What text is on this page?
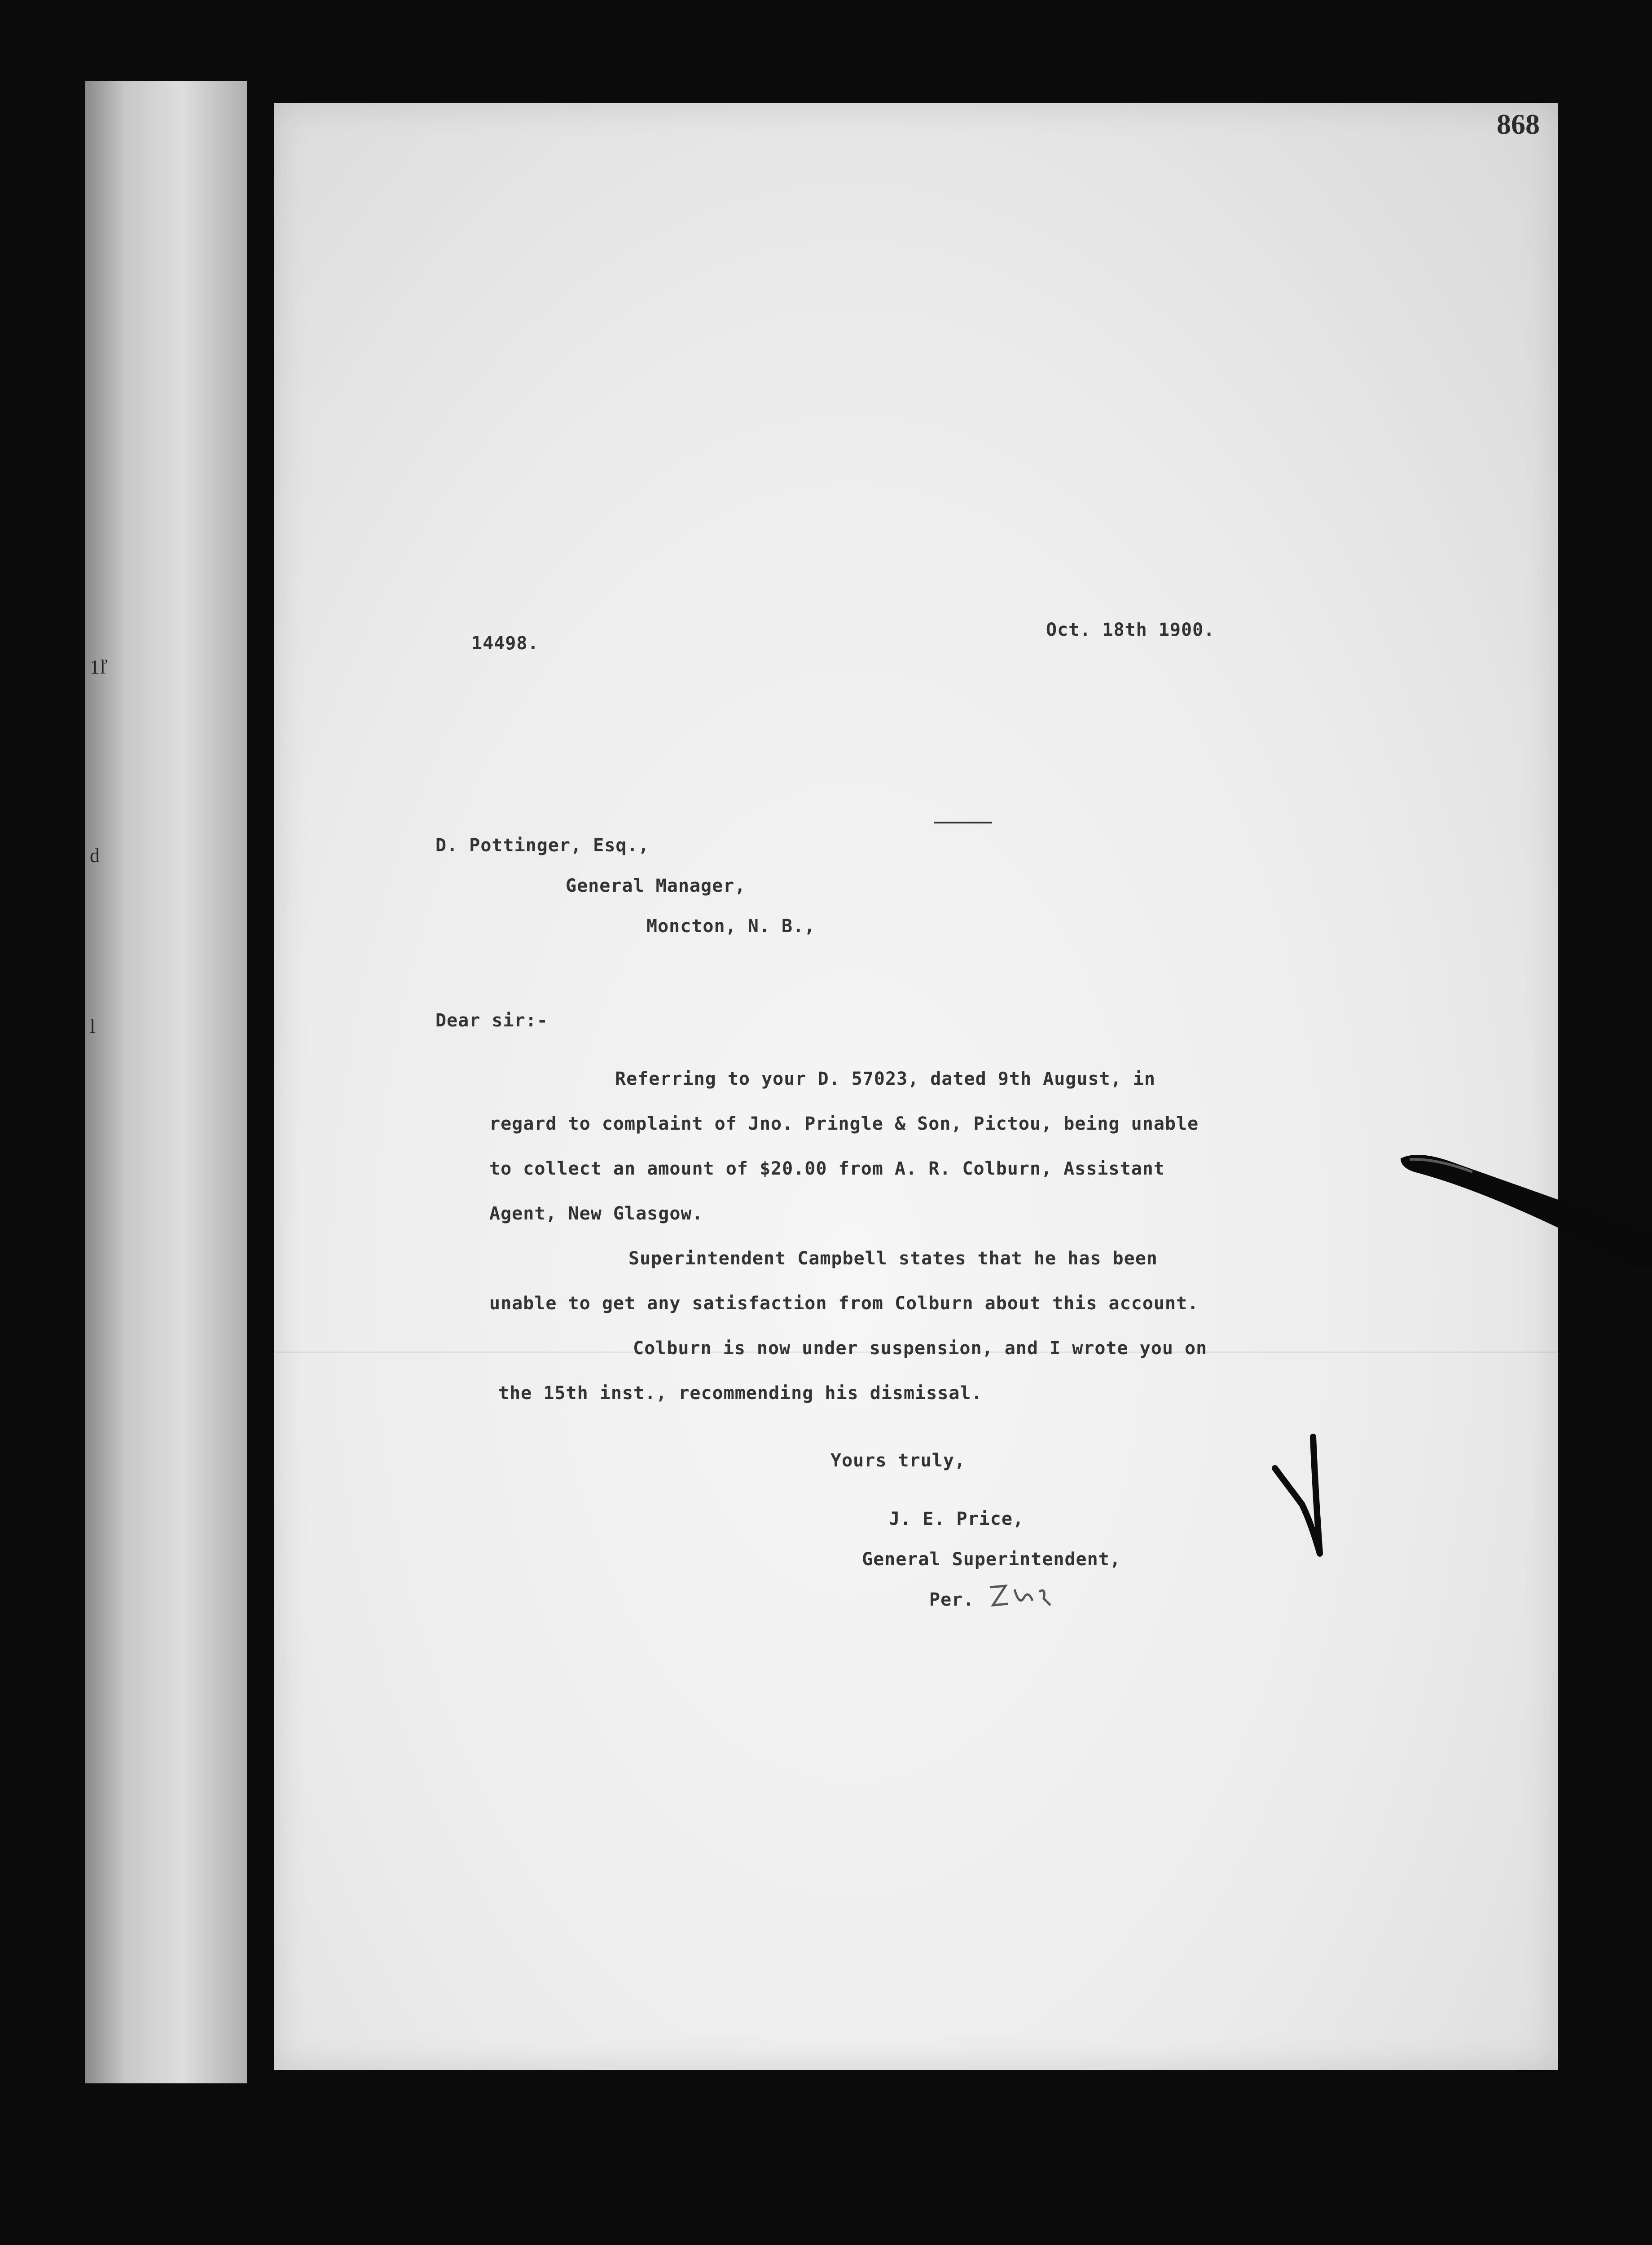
1ľ
d
l
868
14498.
Oct. 18th 1900.
D. Pottinger, Esq.,
General Manager,
Moncton, N. B.,
Dear sir:-
Referring to your D. 57023, dated 9th August, in
regard to complaint of Jno. Pringle & Son, Pictou, being unable
to collect an amount of $20.00 from A. R. Colburn, Assistant
Agent, New Glasgow.
Superintendent Campbell states that he has been
unable to get any satisfaction from Colburn about this account.
Colburn is now under suspension, and I wrote you on
the 15th inst., recommending his dismissal.
Yours truly,
J. E. Price,
General Superintendent,
Per.
